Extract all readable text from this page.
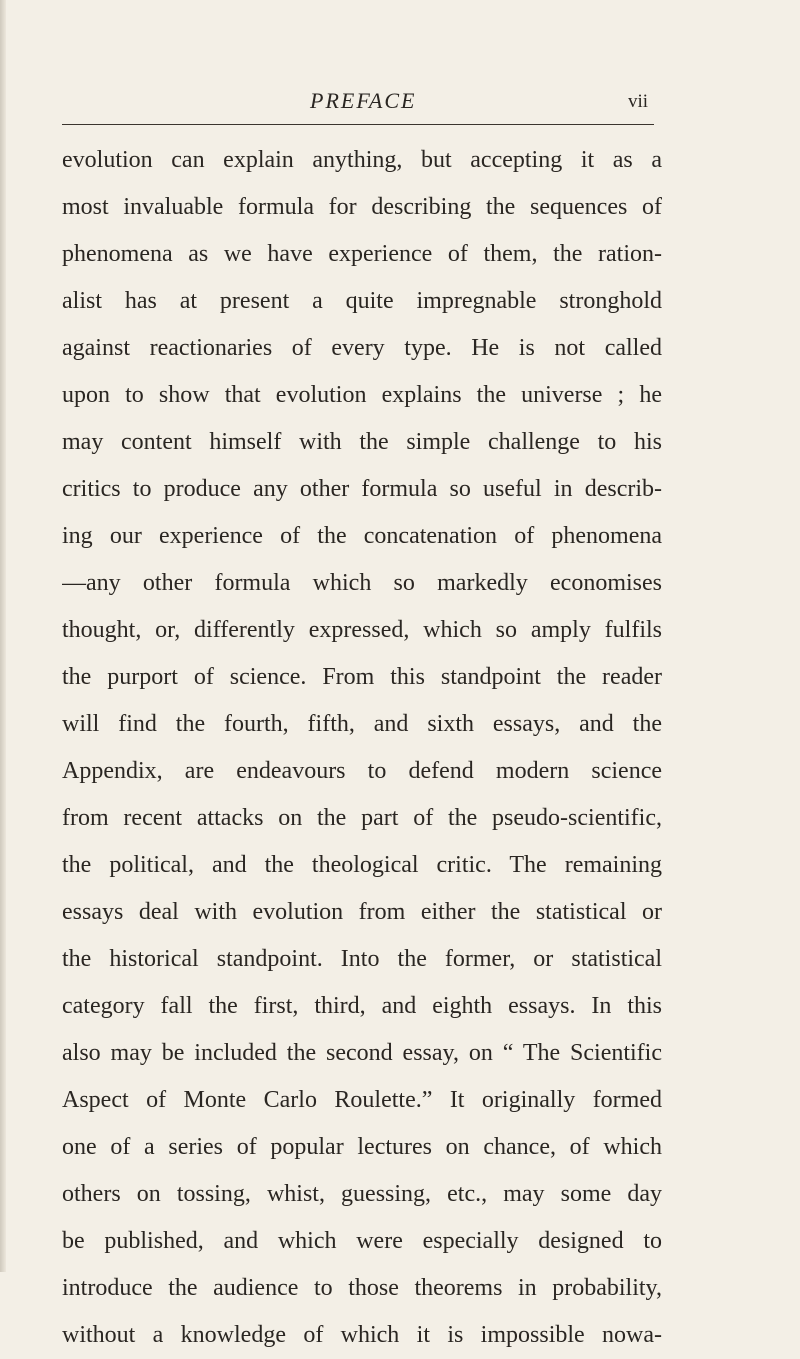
PREFACE	vii
evolution can explain anything, but accepting it as a
most invaluable formula for describing the sequences of
phenomena as we have experience of them, the ration-
alist has at present a quite impregnable stronghold
against reactionaries of every type. He is not called
upon to show that evolution explains the universe ; he
may content himself with the simple challenge to his
critics to produce any other formula so useful in describ-
ing our experience of the concatenation of phenomena
—any other formula which so markedly economises
thought, or, differently expressed, which so amply fulfils
the purport of science. From this standpoint the reader
will find the fourth, fifth, and sixth essays, and the
Appendix, are endeavours to defend modern science
from recent attacks on the part of the pseudo-scientific,
the political, and the theological critic. The remaining
essays deal with evolution from either the statistical or
the historical standpoint. Into the former, or statistical
category fall the first, third, and eighth essays. In this
also may be included the second essay, on “ The Scientific
Aspect of Monte Carlo Roulette.” It originally formed
one of a series of popular lectures on chance, of which
others on tossing, whist, guessing, etc., may some day
be published, and which were especially designed to
introduce the audience to those theorems in probability,
without a knowledge of which it is impossible nowa-
